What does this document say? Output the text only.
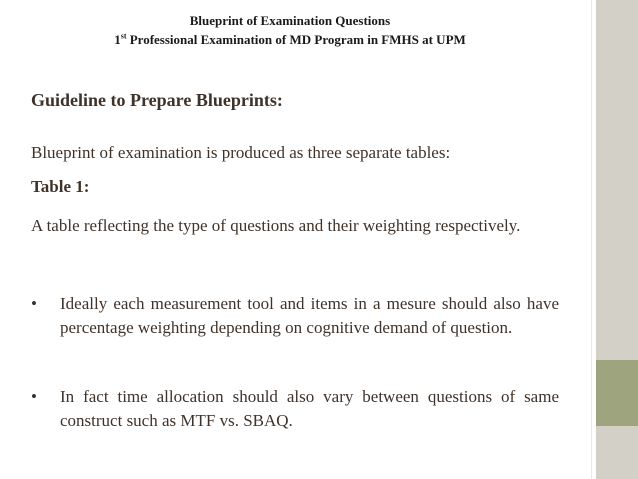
Blueprint of Examination Questions
1st Professional Examination of MD Program in FMHS at UPM
Guideline to Prepare Blueprints:
Blueprint of examination is produced as three separate tables:
Table 1:
A table reflecting the type of questions and their weighting respectively.
•	Ideally each measurement tool and items in a mesure should also have percentage weighting depending on cognitive demand of question.
•	In fact time allocation should also vary between questions of same construct such as MTF vs. SBAQ.
